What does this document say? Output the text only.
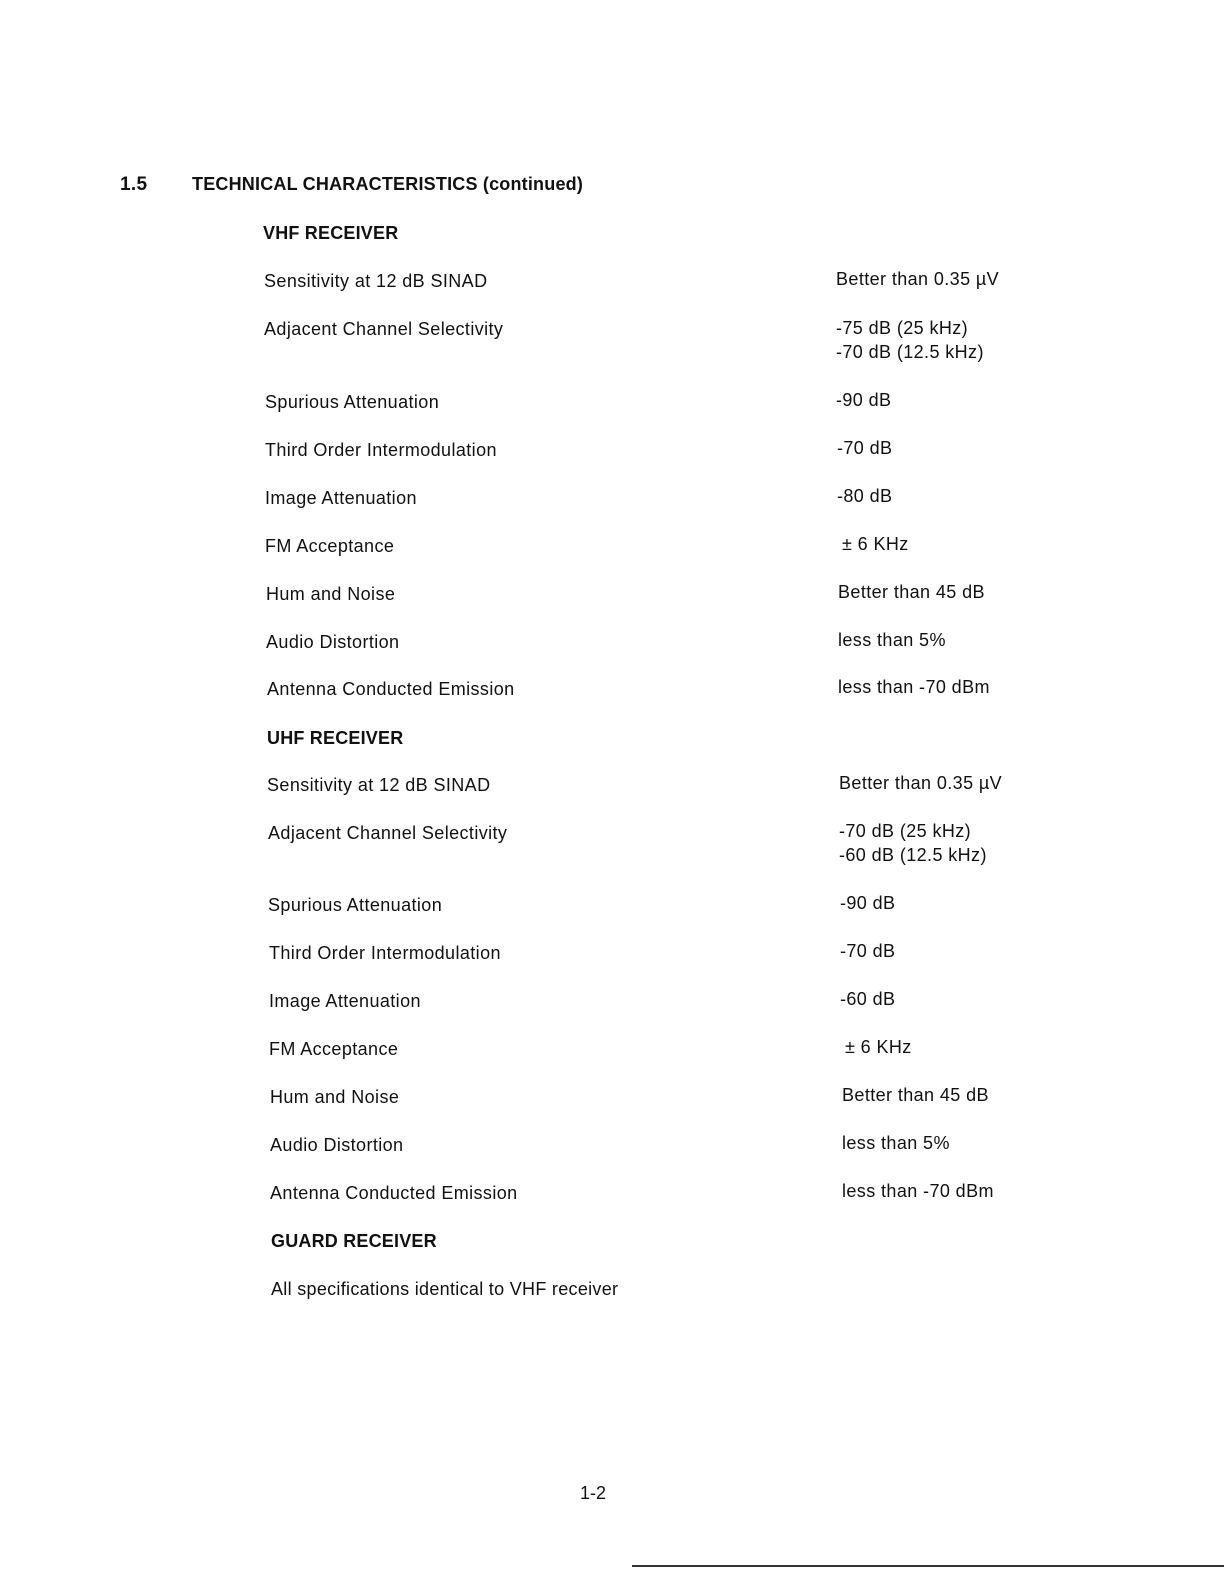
1.5 TECHNICAL CHARACTERISTICS (continued)
VHF RECEIVER
Sensitivity at 12 dB SINAD	Better than 0.35 µV
Adjacent Channel Selectivity	-75 dB (25 kHz)
-70 dB (12.5 kHz)
Spurious Attenuation	-90 dB
Third Order Intermodulation	-70 dB
Image Attenuation	-80 dB
FM Acceptance	± 6 KHz
Hum and Noise	Better than 45 dB
Audio Distortion	less than 5%
Antenna Conducted Emission	less than -70 dBm
UHF RECEIVER
Sensitivity at 12 dB SINAD	Better than 0.35 µV
Adjacent Channel Selectivity	-70 dB (25 kHz)
-60 dB (12.5 kHz)
Spurious Attenuation	-90 dB
Third Order Intermodulation	-70 dB
Image Attenuation	-60 dB
FM Acceptance	± 6 KHz
Hum and Noise	Better than 45 dB
Audio Distortion	less than 5%
Antenna Conducted Emission	less than -70 dBm
GUARD RECEIVER
All specifications identical to VHF receiver
1-2
